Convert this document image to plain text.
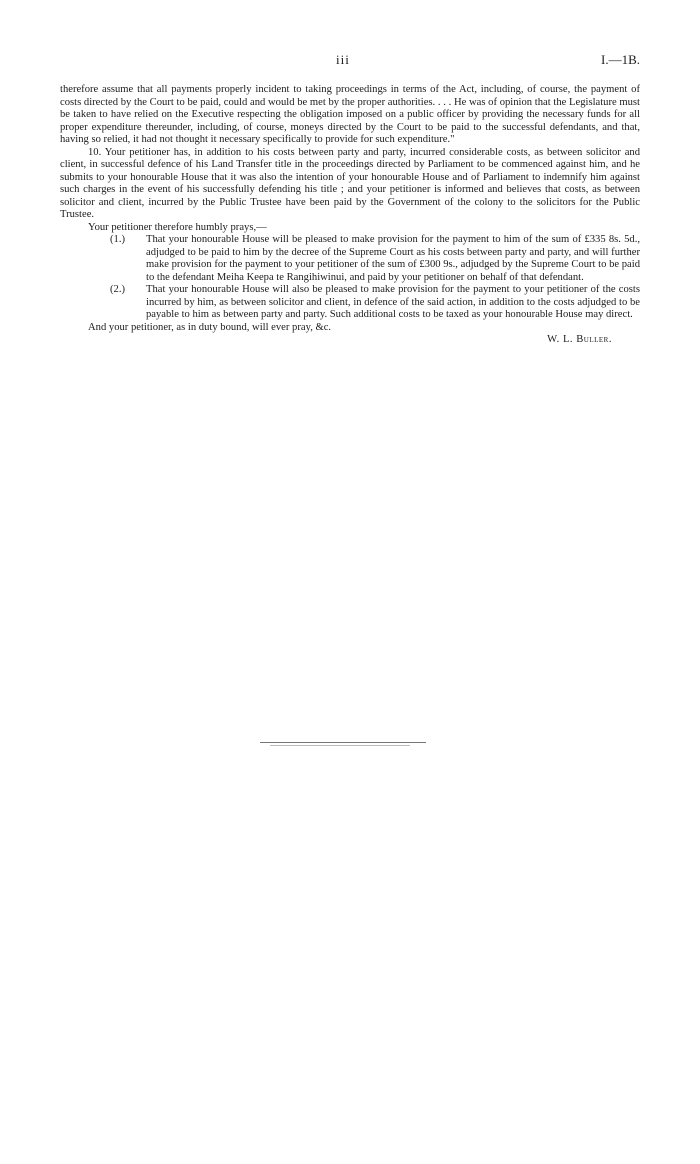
iii	I.—1B.

therefore assume that all payments properly incident to taking proceedings in terms of the Act, including, of course, the payment of costs directed by the Court to be paid, could and would be met by the proper authorities. . . . He was of opinion that the Legislature must be taken to have relied on the Executive respecting the obligation imposed on a public officer by providing the necessary funds for all proper expenditure thereunder, including, of course, moneys directed by the Court to be paid to the successful defendants, and that, having so relied, it had not thought it necessary specifically to provide for such expenditure."

10. Your petitioner has, in addition to his costs between party and party, incurred considerable costs, as between solicitor and client, in successful defence of his Land Transfer title in the proceedings directed by Parliament to be commenced against him, and he submits to your honourable House that it was also the intention of your honourable House and of Parliament to indemnify him against such charges in the event of his successfully defending his title ; and your petitioner is informed and believes that costs, as between solicitor and client, incurred by the Public Trustee have been paid by the Government of the colony to the solicitors for the Public Trustee.

Your petitioner therefore humbly prays,—

(1.)	That your honourable House will be pleased to make provision for the payment to him of the sum of £335 8s. 5d., adjudged to be paid to him by the decree of the Supreme Court as his costs between party and party, and will further make provision for the payment to your petitioner of the sum of £300 9s., adjudged by the Supreme Court to be paid to the defendant Meiha Keepa te Rangihiwinui, and paid by your petitioner on behalf of that defendant.
(2.)	That your honourable House will also be pleased to make provision for the payment to your petitioner of the costs incurred by him, as between solicitor and client, in defence of the said action, in addition to the costs adjudged to be payable to him as between party and party. Such additional costs to be taxed as your honourable House may direct.

And your petitioner, as in duty bound, will ever pray, &c.

W. L. Buller.
